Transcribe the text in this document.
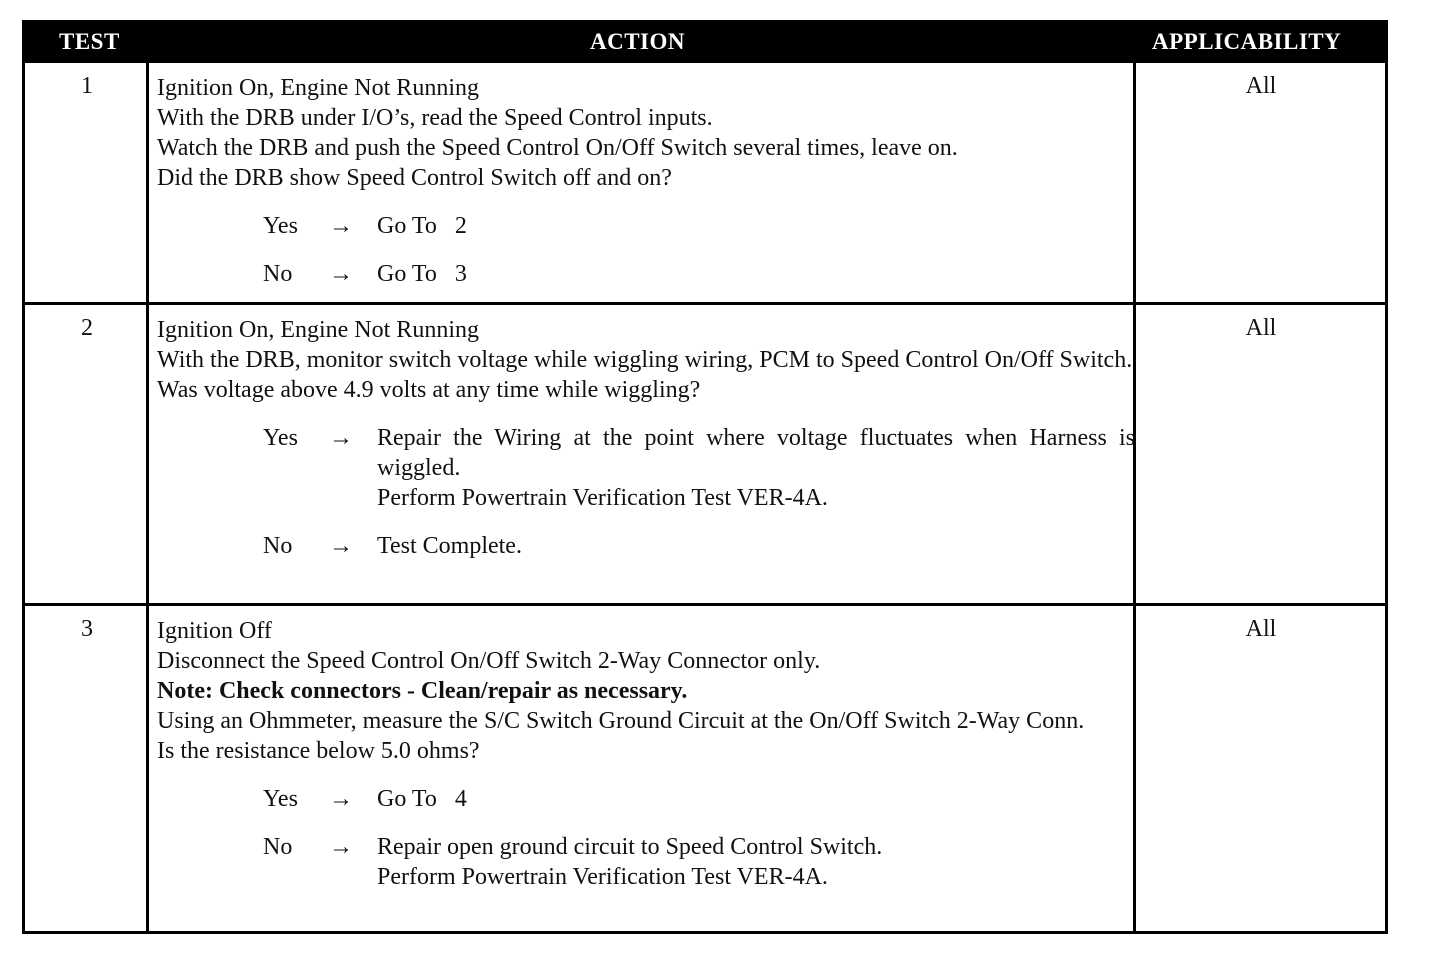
TEST	ACTION	APPLICABILITY
1	Ignition On, Engine Not Running

With the DRB under I/O’s, read the Speed Control inputs.

Watch the DRB and push the Speed Control On/Off Switch several times, leave on.

Did the DRB show Speed Control Switch off and on?

Yes → Go To   2
No → Go To   3
All
2	Ignition On, Engine Not Running

With the DRB, monitor switch voltage while wiggling wiring, PCM to Speed Control On/Off Switch.

Was voltage above 4.9 volts at any time while wiggling?

Yes → Repair the Wiring at the point where voltage fluctuates when Harness is wiggled.
Perform Powertrain Verification Test VER-4A.
No → Test Complete.
All
3	Ignition Off

Disconnect the Speed Control On/Off Switch 2-Way Connector only.

Note: Check connectors - Clean/repair as necessary.

Using an Ohmmeter, measure the S/C Switch Ground Circuit at the On/Off Switch 2-Way Conn.

Is the resistance below 5.0 ohms?

Yes → Go To   4
No → Repair open ground circuit to Speed Control Switch.
Perform Powertrain Verification Test VER-4A.
All
